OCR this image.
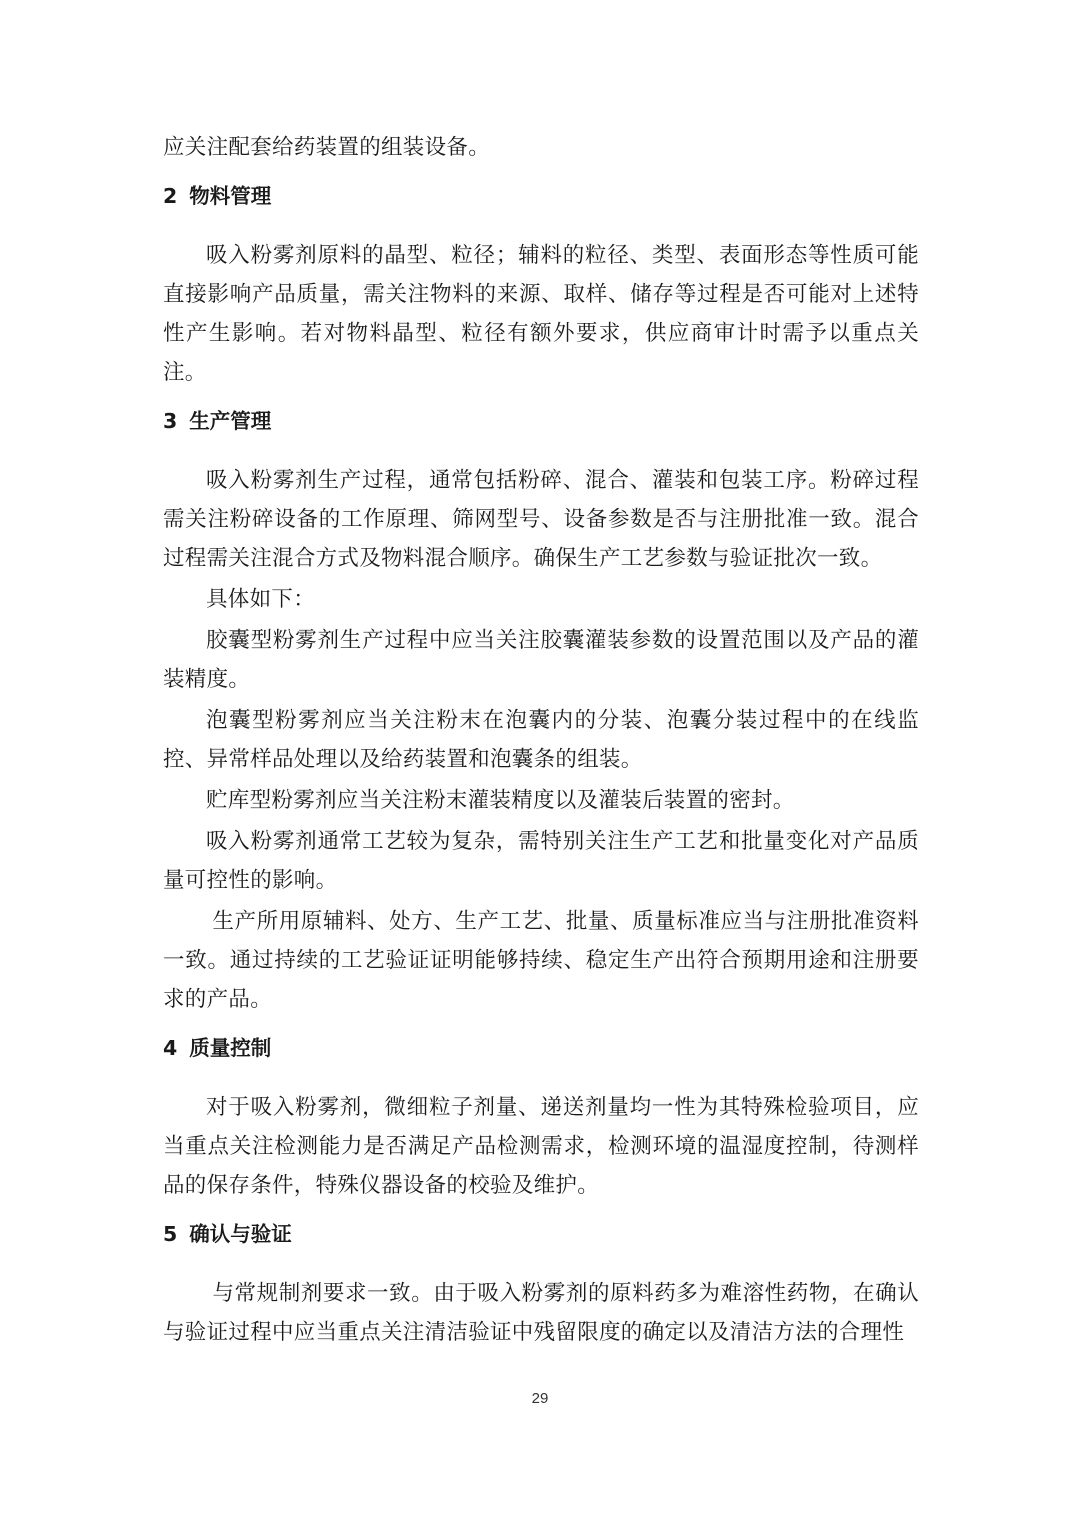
应关注配套给药装置的组装设备。

2 物料管理

吸入粉雾剂原料的晶型、粒径；辅料的粒径、类型、表面形态等性质可能直接影响产品质量，需关注物料的来源、取样、储存等过程是否可能对上述特性产生影响。若对物料晶型、粒径有额外要求，供应商审计时需予以重点关注。

3 生产管理

吸入粉雾剂生产过程，通常包括粉碎、混合、灌装和包装工序。粉碎过程需关注粉碎设备的工作原理、筛网型号、设备参数是否与注册批准一致。混合过程需关注混合方式及物料混合顺序。确保生产工艺参数与验证批次一致。

具体如下：

胶囊型粉雾剂生产过程中应当关注胶囊灌装参数的设置范围以及产品的灌装精度。

泡囊型粉雾剂应当关注粉末在泡囊内的分装、泡囊分装过程中的在线监控、异常样品处理以及给药装置和泡囊条的组装。

贮库型粉雾剂应当关注粉末灌装精度以及灌装后装置的密封。

吸入粉雾剂通常工艺较为复杂，需特别关注生产工艺和批量变化对产品质量可控性的影响。

生产所用原辅料、处方、生产工艺、批量、质量标准应当与注册批准资料一致。通过持续的工艺验证证明能够持续、稳定生产出符合预期用途和注册要求的产品。

4 质量控制

对于吸入粉雾剂，微细粒子剂量、递送剂量均一性为其特殊检验项目，应当重点关注检测能力是否满足产品检测需求，检测环境的温湿度控制，待测样品的保存条件，特殊仪器设备的校验及维护。

5 确认与验证

与常规制剂要求一致。由于吸入粉雾剂的原料药多为难溶性药物，在确认与验证过程中应当重点关注清洁验证中残留限度的确定以及清洁方法的合理性

29
